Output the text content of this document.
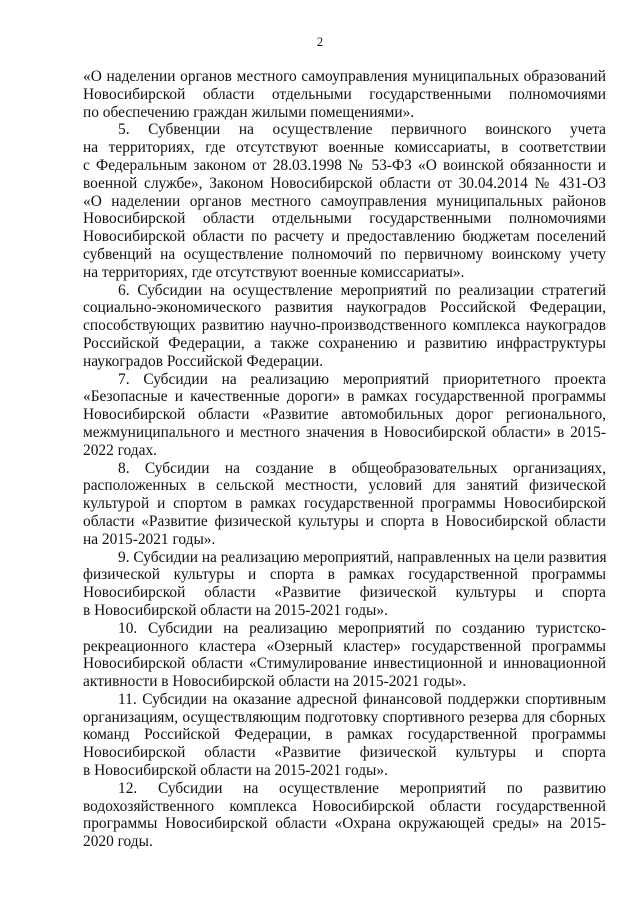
2
«О наделении органов местного самоуправления муниципальных образований
Новосибирской области отдельными государственными полномочиями
по обеспечению граждан жилыми помещениями».
5. Субвенции на осуществление первичного воинского учета
на территориях, где отсутствуют военные комиссариаты, в соответствии
с Федеральным законом от 28.03.1998 № 53-ФЗ «О воинской обязанности и
военной службе», Законом Новосибирской области от 30.04.2014 № 431-ОЗ
«О наделении органов местного самоуправления муниципальных районов
Новосибирской области отдельными государственными полномочиями
Новосибирской области по расчету и предоставлению бюджетам поселений
субвенций на осуществление полномочий по первичному воинскому учету
на территориях, где отсутствуют военные комиссариаты».
6. Субсидии на осуществление мероприятий по реализации стратегий
социально-экономического развития наукоградов Российской Федерации,
способствующих развитию научно-производственного комплекса наукоградов
Российской Федерации, а также сохранению и развитию инфраструктуры
наукоградов Российской Федерации.
7. Субсидии на реализацию мероприятий приоритетного проекта
«Безопасные и качественные дороги» в рамках государственной программы
Новосибирской области «Развитие автомобильных дорог регионального,
межмуниципального и местного значения в Новосибирской области» в 2015-
2022 годах.
8. Субсидии на создание в общеобразовательных организациях,
расположенных в сельской местности, условий для занятий физической
культурой и спортом в рамках государственной программы Новосибирской
области «Развитие физической культуры и спорта в Новосибирской области
на 2015-2021 годы».
9. Субсидии на реализацию мероприятий, направленных на цели развития
физической культуры и спорта в рамках государственной программы
Новосибирской области «Развитие физической культуры и спорта
в Новосибирской области на 2015-2021 годы».
10. Субсидии на реализацию мероприятий по созданию туристско-
рекреационного кластера «Озерный кластер» государственной программы
Новосибирской области «Стимулирование инвестиционной и инновационной
активности в Новосибирской области на 2015-2021 годы».
11. Субсидии на оказание адресной финансовой поддержки спортивным
организациям, осуществляющим подготовку спортивного резерва для сборных
команд Российской Федерации, в рамках государственной программы
Новосибирской области «Развитие физической культуры и спорта
в Новосибирской области на 2015-2021 годы».
12. Субсидии на осуществление мероприятий по развитию
водохозяйственного комплекса Новосибирской области государственной
программы Новосибирской области «Охрана окружающей среды» на 2015-
2020 годы.
